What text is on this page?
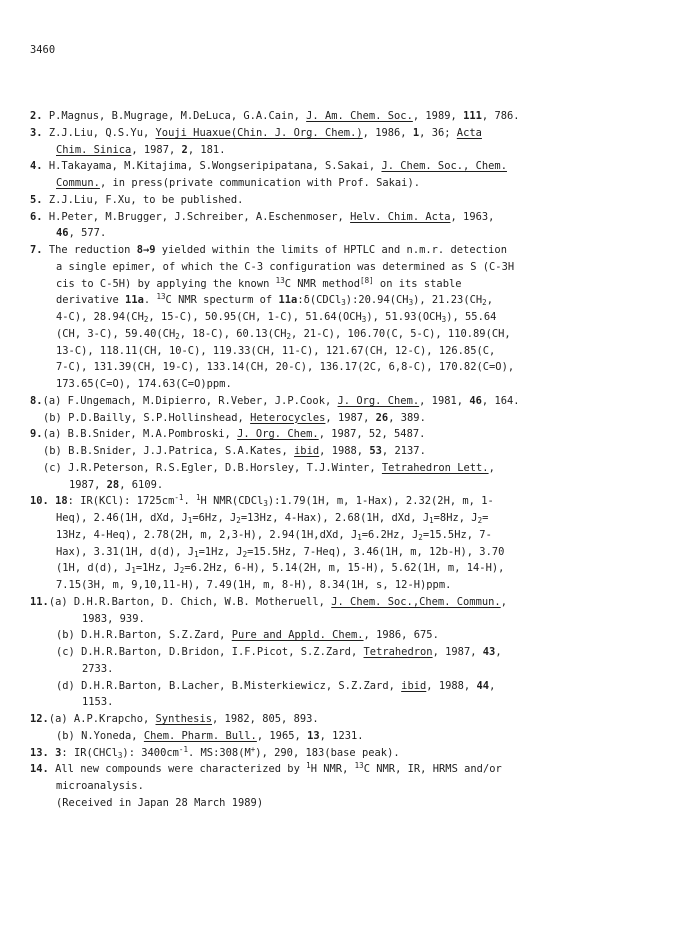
3460
2. P.Magnus, B.Mugrage, M.DeLuca, G.A.Cain, J. Am. Chem. Soc., 1989, 111, 786.
3. Z.J.Liu, Q.S.Yu, Youji Huaxue(Chin. J. Org. Chem.), 1986, 1, 36; Acta
Chim. Sinica, 1987, 2, 181.
4. H.Takayama, M.Kitajima, S.Wongseripipatana, S.Sakai, J. Chem. Soc., Chem.
Commun., in press(private communication with Prof. Sakai).
5. Z.J.Liu, F.Xu, to be published.
6. H.Peter, M.Brugger, J.Schreiber, A.Eschenmoser, Helv. Chim. Acta, 1963,
46, 577.
7. The reduction 8→9 yielded within the limits of HPTLC and n.m.r. detection
a single epimer, of which the C-3 configuration was determined as S (C-3H
cis to C-5H) by applying the known $^{13}$C NMR method[8] on its stable
derivative 11a. $^{13}$C NMR specturm of $11a:\delta(CDCl_3):20.94(CH_3)$, $21.23(CH_2$,
4-C), $28.94(CH_2$, 15-C), 50.95(CH, 1-C), $51.64(OCH_3)$, $51.93(OCH_3)$, 55.64
(CH, 3-C), $59.40(CH_2$, 18-C), $60.13(CH_2$, 21-C), 106.70(C, 5-C), 110.89(CH,
13-C), 118.11(CH, 10-C), 119.33(CH, 11-C), 121.67(CH, 12-C), 126.85(C,
7-C), 131.39(CH, 19-C), 133.14(CH, 20-C), 136.17(2C, 6,8-C), 170.82(C=O),
173.65(C=O), 174.63(C=O)ppm.
8.(a) F.Ungemach, M.Dipierro, R.Veber, J.P.Cook, J. Org. Chem., 1981, 46, 164.
(b) P.D.Bailly, S.P.Hollinshead, Heterocycles, 1987, 26, 389.
9.(a) B.B.Snider, M.A.Pombroski, J. Org. Chem., 1987, 52, 5487.
(b) B.B.Snider, J.J.Patrica, S.A.Kates, ibid, 1988, 53, 2137.
(c) J.R.Peterson, R.S.Egler, D.B.Horsley, T.J.Winter, Tetrahedron Lett.,
1987, 28, 6109.
10. 18: IR(KCl): $1725cm^{-1}$. $^1$H NMR(CDCl$_3$):1.79(1H, m, 1-Hax), 2.32(2H, m, 1-
Heq), 2.46(1H, dXd, $J_1=6Hz$, $J_2=13Hz$, 4-Hax), 2.68(1H, dXd, $J_1=8Hz$, $J_2=$
13Hz, 4-Heq), 2.78(2H, m, 2,3-H), 2.94(1H,dXd, $J_1=6.2Hz$, $J_2=15.5Hz$, 7-
Hax), 3.31(1H, d(d), $J_1=1Hz$, $J_2=15.5Hz$, 7-Heq), 3.46(1H, m, 12b-H), 3.70
(1H, d(d), $J_1=1Hz$, $J_2=6.2Hz$, 6-H), 5.14(2H, m, 15-H), 5.62(1H, m, 14-H),
7.15(3H, m, 9,10,11-H), 7.49(1H, m, 8-H), 8.34(1H, s, 12-H)ppm.
11.(a) D.H.R.Barton, D. Chich, W.B. Motheruell, J. Chem. Soc.,Chem. Commun.,
1983, 939.
(b) D.H.R.Barton, S.Z.Zard, Pure and Appld. Chem., 1986, 675.
(c) D.H.R.Barton, D.Bridon, I.F.Picot, S.Z.Zard, Tetrahedron, 1987, 43,
2733.
(d) D.H.R.Barton, B.Lacher, B.Misterkiewicz, S.Z.Zard, ibid, 1988, 44,
1153.
12.(a) A.P.Krapcho, Synthesis, 1982, 805, 893.
(b) N.Yoneda, Chem. Pharm. Bull., 1965, 13, 1231.
13. 3: IR(CHCl$_3$): $3400cm^{-1}$. MS:308(M+), 290, 183(base peak).
14. All new compounds were characterized by $^1$H NMR, $^{13}$C NMR, IR, HRMS and/or
microanalysis.
(Received in Japan 28 March 1989)
